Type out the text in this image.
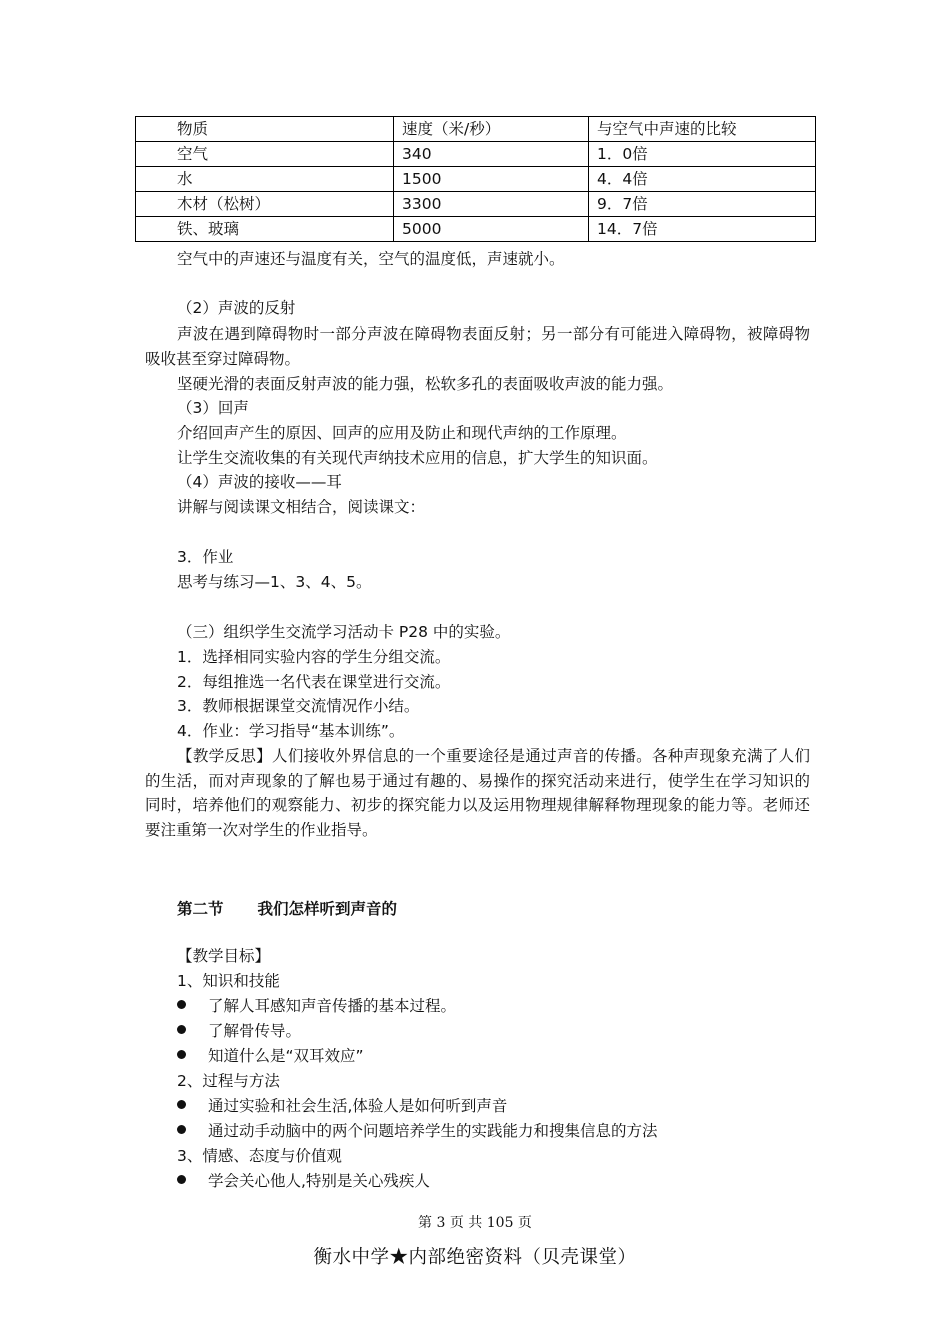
物质	速度（米/秒）	与空气中声速的比较
空气	340	1．0倍
水	1500	4．4倍
木材（松树）	3300	9．7倍
铁、玻璃	5000	14．7倍
空气中的声速还与温度有关，空气的温度低，声速就小。
（2）声波的反射
声波在遇到障碍物时一部分声波在障碍物表面反射；另一部分有可能进入障碍物，被障碍物吸收甚至穿过障碍物。
坚硬光滑的表面反射声波的能力强，松软多孔的表面吸收声波的能力强。
（3）回声
介绍回声产生的原因、回声的应用及防止和现代声纳的工作原理。
让学生交流收集的有关现代声纳技术应用的信息，扩大学生的知识面。
（4）声波的接收——耳
讲解与阅读课文相结合，阅读课文：
3．作业
思考与练习—1、3、4、5。
（三）组织学生交流学习活动卡 P28 中的实验。
1．选择相同实验内容的学生分组交流。
2．每组推选一名代表在课堂进行交流。
3．教师根据课堂交流情况作小结。
4．作业：学习指导“基本训练”。
【教学反思】人们接收外界信息的一个重要途径是通过声音的传播。各种声现象充满了人们的生活，而对声现象的了解也易于通过有趣的、易操作的探究活动来进行，使学生在学习知识的同时，培养他们的观察能力、初步的探究能力以及运用物理规律解释物理现象的能力等。老师还要注重第一次对学生的作业指导。
第二节 我们怎样听到声音的
【教学目标】
1、知识和技能
了解人耳感知声音传播的基本过程。
了解骨传导。
知道什么是“双耳效应”
2、过程与方法
通过实验和社会生活,体验人是如何听到声音
通过动手动脑中的两个问题培养学生的实践能力和搜集信息的方法
3、情感、态度与价值观
学会关心他人,特别是关心残疾人
第 3 页 共 105 页
衡水中学★内部绝密资料（贝壳课堂）
